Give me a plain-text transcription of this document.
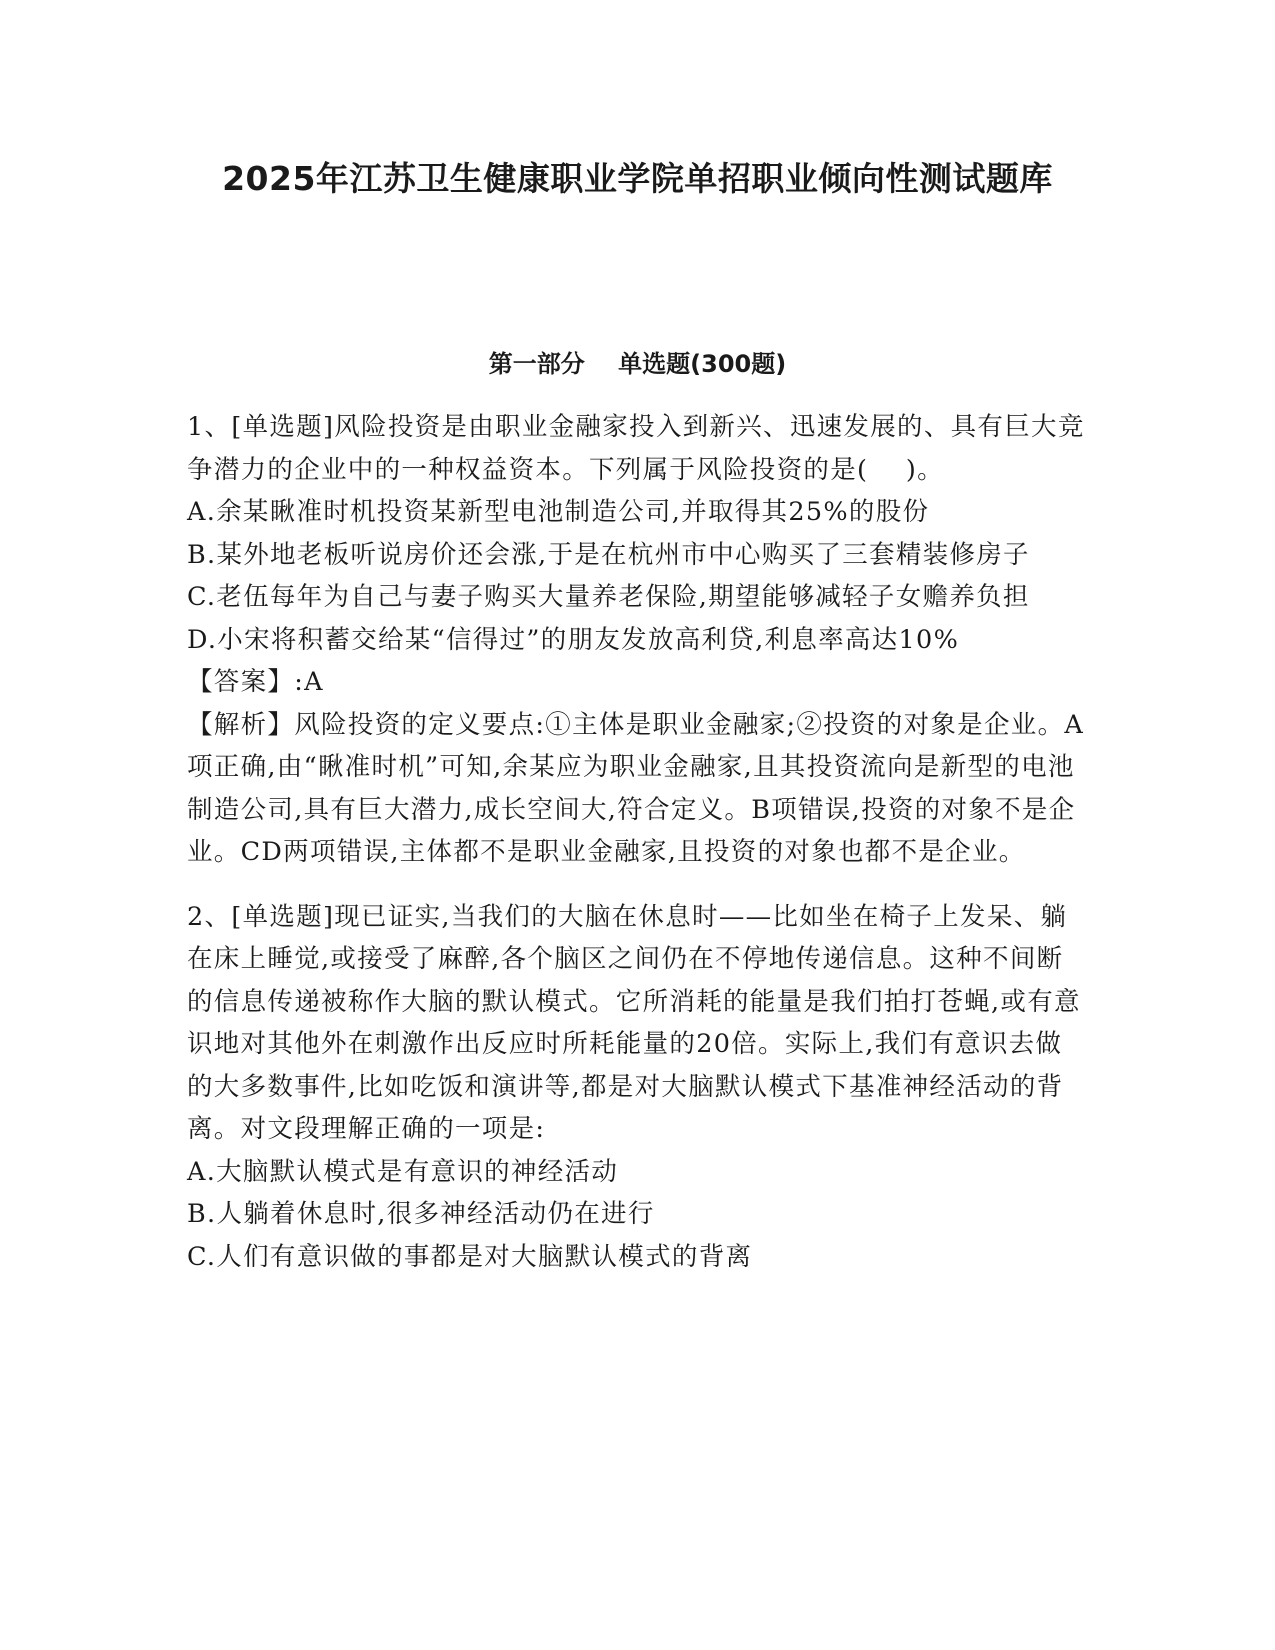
2025年江苏卫生健康职业学院单招职业倾向性测试题库
第一部分    单选题(300题)

1、[单选题]风险投资是由职业金融家投入到新兴、迅速发展的、具有巨大竞争潜力的企业中的一种权益资本。下列属于风险投资的是(    )。

A.余某瞅准时机投资某新型电池制造公司,并取得其25%的股份

B.某外地老板听说房价还会涨,于是在杭州市中心购买了三套精装修房子

C.老伍每年为自己与妻子购买大量养老保险,期望能够减轻子女赡养负担

D.小宋将积蓄交给某“信得过”的朋友发放高利贷,利息率高达10%

【答案】:A

【解析】风险投资的定义要点:①主体是职业金融家;②投资的对象是企业。A项正确,由“瞅准时机”可知,余某应为职业金融家,且其投资流向是新型的电池制造公司,具有巨大潜力,成长空间大,符合定义。B项错误,投资的对象不是企业。CD两项错误,主体都不是职业金融家,且投资的对象也都不是企业。

2、[单选题]现已证实,当我们的大脑在休息时——比如坐在椅子上发呆、躺在床上睡觉,或接受了麻醉,各个脑区之间仍在不停地传递信息。这种不间断的信息传递被称作大脑的默认模式。它所消耗的能量是我们拍打苍蝇,或有意识地对其他外在刺激作出反应时所耗能量的20倍。实际上,我们有意识去做的大多数事件,比如吃饭和演讲等,都是对大脑默认模式下基准神经活动的背离。对文段理解正确的一项是:

A.大脑默认模式是有意识的神经活动

B.人躺着休息时,很多神经活动仍在进行

C.人们有意识做的事都是对大脑默认模式的背离
